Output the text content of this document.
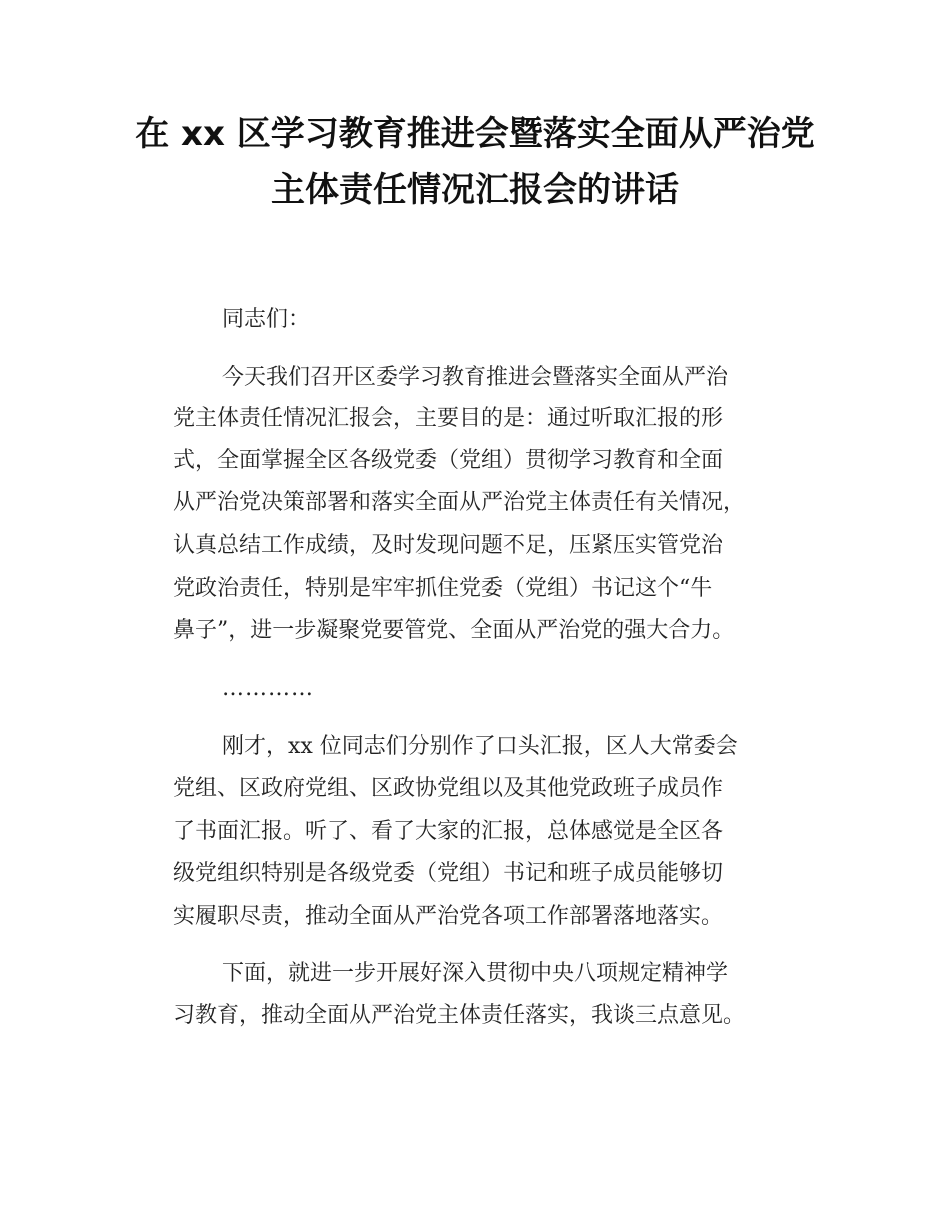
在 xx 区学习教育推进会暨落实全面从严治党
主体责任情况汇报会的讲话
同志们：
今天我们召开区委学习教育推进会暨落实全面从严治
党主体责任情况汇报会，主要目的是：通过听取汇报的形
式，全面掌握全区各级党委（党组）贯彻学习教育和全面
从严治党决策部署和落实全面从严治党主体责任有关情况，
认真总结工作成绩，及时发现问题不足，压紧压实管党治
党政治责任，特别是牢牢抓住党委（党组）书记这个“牛
鼻子”，进一步凝聚党要管党、全面从严治党的强大合力。
…………
刚才，xx 位同志们分别作了口头汇报，区人大常委会
党组、区政府党组、区政协党组以及其他党政班子成员作
了书面汇报。听了、看了大家的汇报，总体感觉是全区各
级党组织特别是各级党委（党组）书记和班子成员能够切
实履职尽责，推动全面从严治党各项工作部署落地落实。
下面，就进一步开展好深入贯彻中央八项规定精神学
习教育，推动全面从严治党主体责任落实，我谈三点意见。
